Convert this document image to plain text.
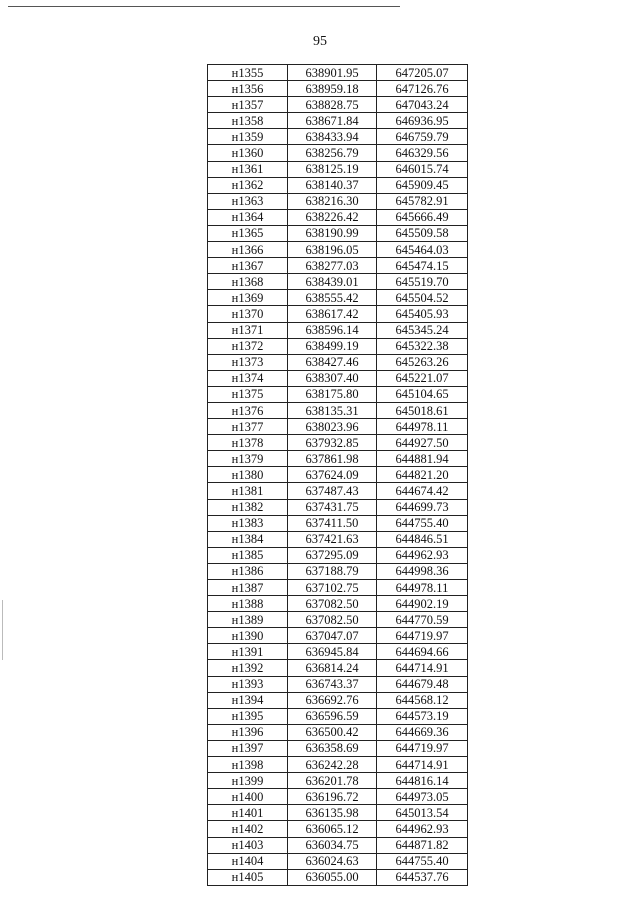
95
н1355	638901.95	647205.07
н1356	638959.18	647126.76
н1357	638828.75	647043.24
н1358	638671.84	646936.95
н1359	638433.94	646759.79
н1360	638256.79	646329.56
н1361	638125.19	646015.74
н1362	638140.37	645909.45
н1363	638216.30	645782.91
н1364	638226.42	645666.49
н1365	638190.99	645509.58
н1366	638196.05	645464.03
н1367	638277.03	645474.15
н1368	638439.01	645519.70
н1369	638555.42	645504.52
н1370	638617.42	645405.93
н1371	638596.14	645345.24
н1372	638499.19	645322.38
н1373	638427.46	645263.26
н1374	638307.40	645221.07
н1375	638175.80	645104.65
н1376	638135.31	645018.61
н1377	638023.96	644978.11
н1378	637932.85	644927.50
н1379	637861.98	644881.94
н1380	637624.09	644821.20
н1381	637487.43	644674.42
н1382	637431.75	644699.73
н1383	637411.50	644755.40
н1384	637421.63	644846.51
н1385	637295.09	644962.93
н1386	637188.79	644998.36
н1387	637102.75	644978.11
н1388	637082.50	644902.19
н1389	637082.50	644770.59
н1390	637047.07	644719.97
н1391	636945.84	644694.66
н1392	636814.24	644714.91
н1393	636743.37	644679.48
н1394	636692.76	644568.12
н1395	636596.59	644573.19
н1396	636500.42	644669.36
н1397	636358.69	644719.97
н1398	636242.28	644714.91
н1399	636201.78	644816.14
н1400	636196.72	644973.05
н1401	636135.98	645013.54
н1402	636065.12	644962.93
н1403	636034.75	644871.82
н1404	636024.63	644755.40
н1405	636055.00	644537.76
